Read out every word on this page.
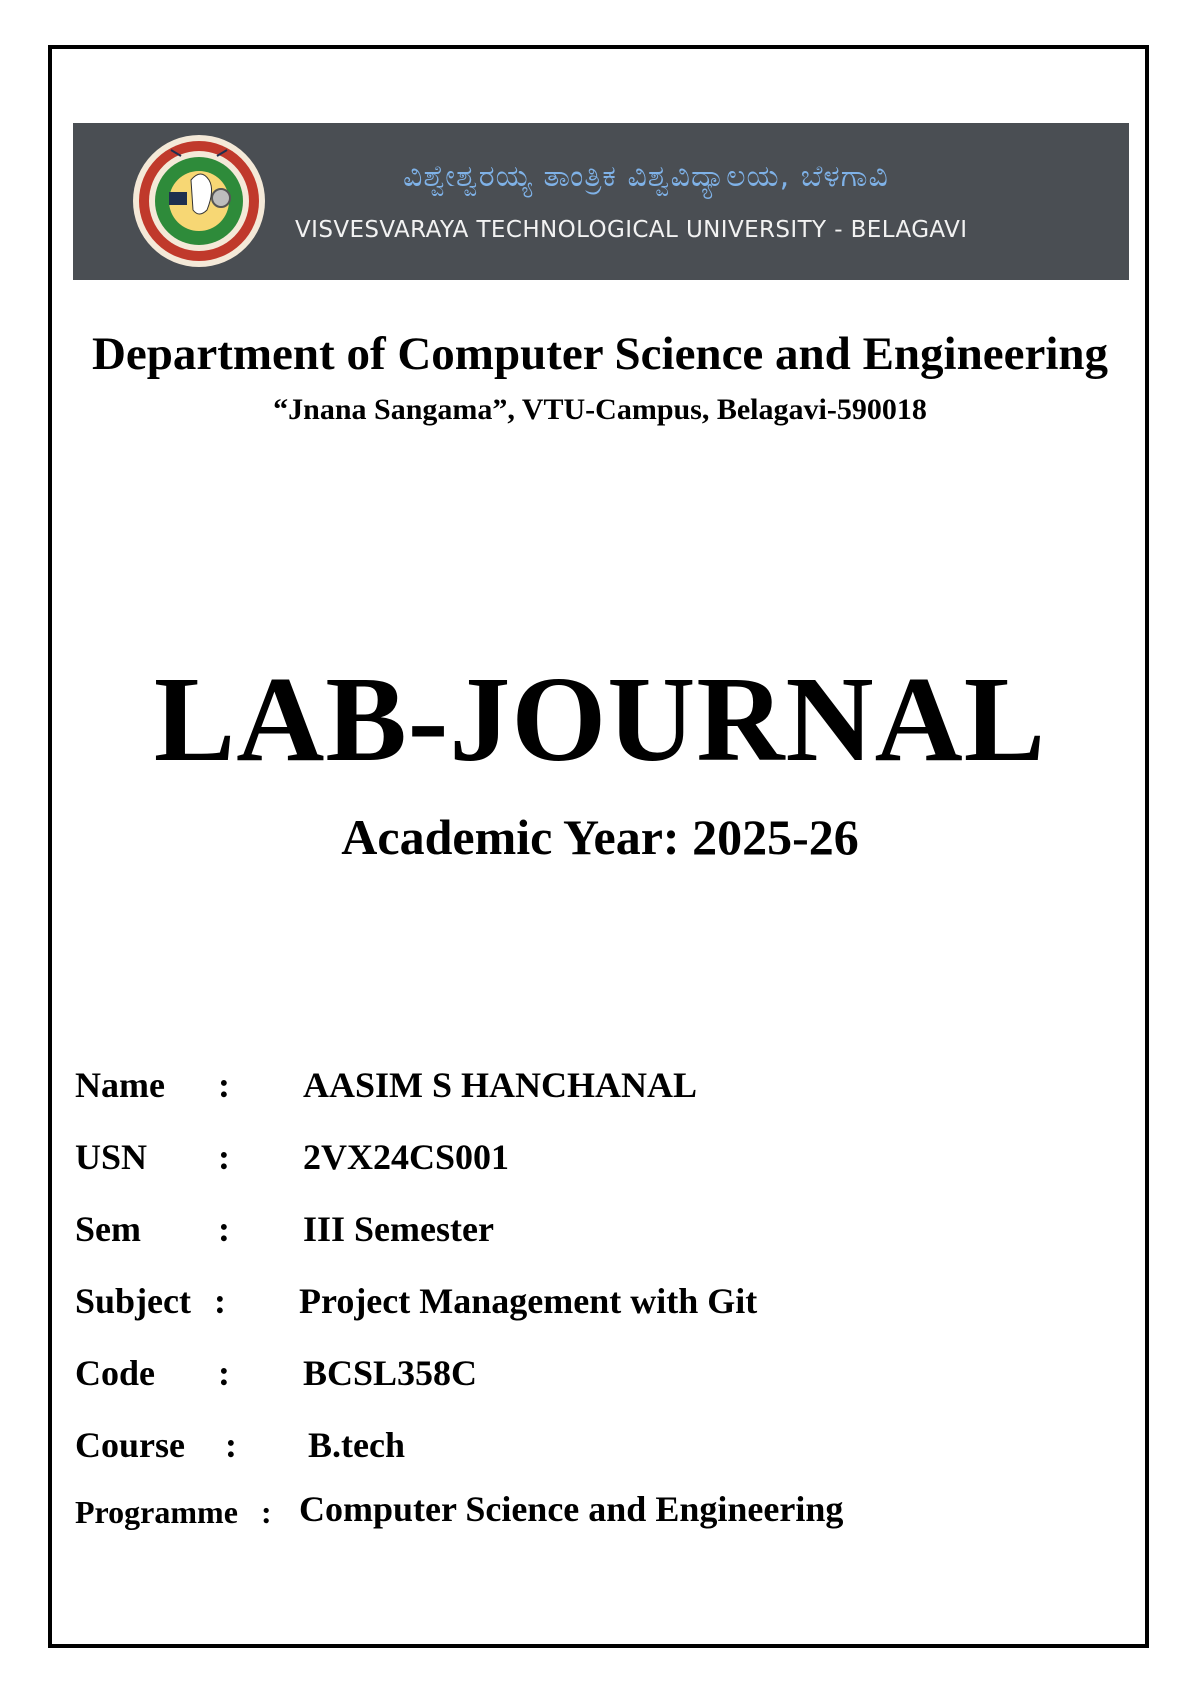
ವಿಶ್ವೇಶ್ವರಯ್ಯ ತಾಂತ್ರಿಕ ವಿಶ್ವವಿದ್ಯಾಲಯ, ಬೆಳಗಾವಿ
VISVESVARAYA TECHNOLOGICAL UNIVERSITY - BELAGAVI
Department of Computer Science and Engineering
“Jnana Sangama”, VTU-Campus, Belagavi-590018
LAB-JOURNAL
Academic Year: 2025-26
Name : AASIM S HANCHANAL
USN : 2VX24CS001
Sem : III Semester
Subject : Project Management with Git
Code : BCSL358C
Course : B.tech
Programme : Computer Science and Engineering
